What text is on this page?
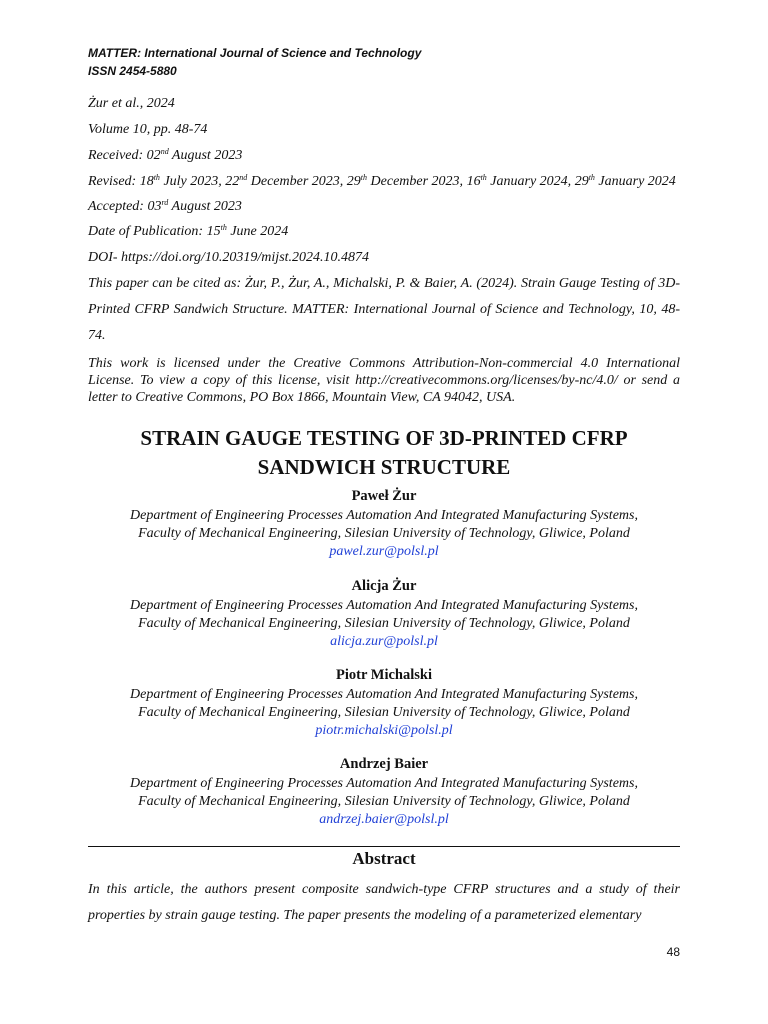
MATTER: International Journal of Science and Technology
ISSN 2454-5880
Żur et al., 2024
Volume 10, pp. 48-74
Received: 02nd August 2023
Revised: 18th July 2023, 22nd December 2023, 29th December 2023, 16th January 2024, 29th January 2024
Accepted: 03rd August 2023
Date of Publication: 15th June 2024
DOI- https://doi.org/10.20319/mijst.2024.10.4874
This paper can be cited as: Żur, P., Żur, A., Michalski, P. & Baier, A. (2024). Strain Gauge Testing of 3D-Printed CFRP Sandwich Structure. MATTER: International Journal of Science and Technology, 10, 48-74.
This work is licensed under the Creative Commons Attribution-Non-commercial 4.0 International License. To view a copy of this license, visit http://creativecommons.org/licenses/by-nc/4.0/ or send a letter to Creative Commons, PO Box 1866, Mountain View, CA 94042, USA.
STRAIN GAUGE TESTING OF 3D-PRINTED CFRP SANDWICH STRUCTURE
Paweł Żur
Department of Engineering Processes Automation And Integrated Manufacturing Systems,
Faculty of Mechanical Engineering, Silesian University of Technology, Gliwice, Poland
pawel.zur@polsl.pl
Alicja Żur
Department of Engineering Processes Automation And Integrated Manufacturing Systems,
Faculty of Mechanical Engineering, Silesian University of Technology, Gliwice, Poland
alicja.zur@polsl.pl
Piotr Michalski
Department of Engineering Processes Automation And Integrated Manufacturing Systems,
Faculty of Mechanical Engineering, Silesian University of Technology, Gliwice, Poland
piotr.michalski@polsl.pl
Andrzej Baier
Department of Engineering Processes Automation And Integrated Manufacturing Systems,
Faculty of Mechanical Engineering, Silesian University of Technology, Gliwice, Poland
andrzej.baier@polsl.pl
Abstract
In this article, the authors present composite sandwich-type CFRP structures and a study of their properties by strain gauge testing. The paper presents the modeling of a parameterized elementary
48
